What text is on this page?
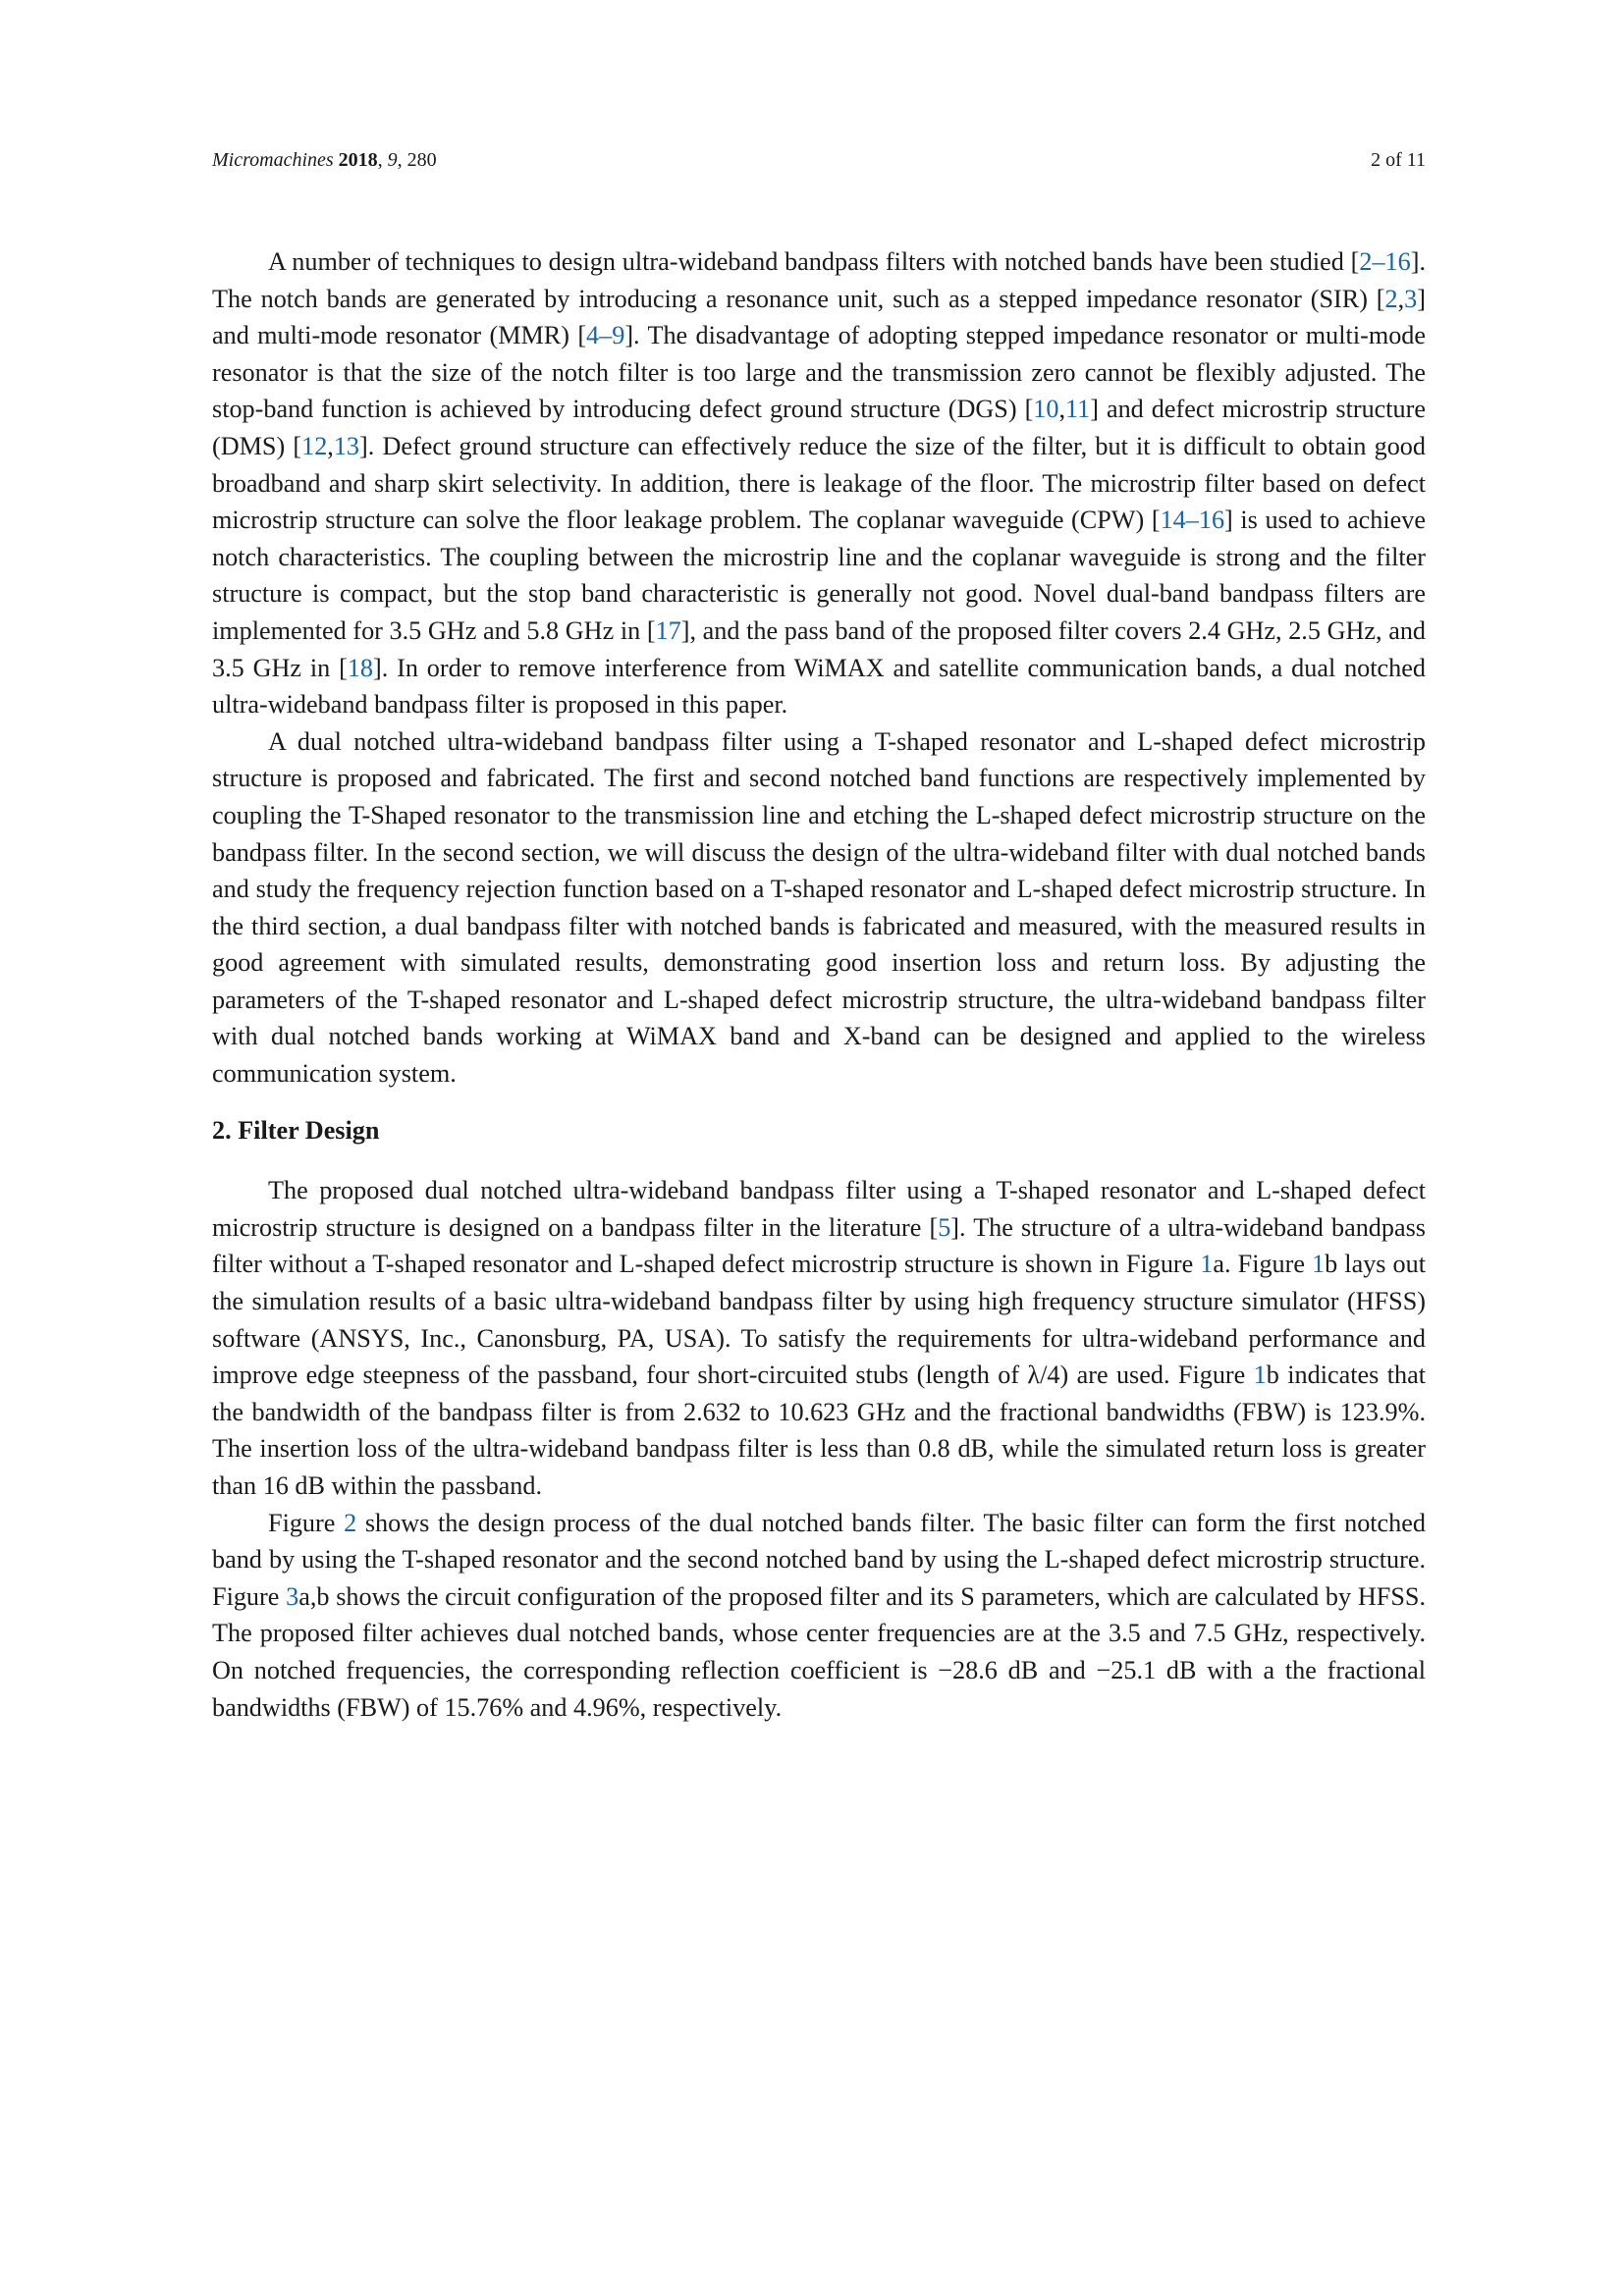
Micromachines 2018, 9, 280	2 of 11

A number of techniques to design ultra-wideband bandpass filters with notched bands have been studied [2–16]. The notch bands are generated by introducing a resonance unit, such as a stepped impedance resonator (SIR) [2,3] and multi-mode resonator (MMR) [4–9]. The disadvantage of adopting stepped impedance resonator or multi-mode resonator is that the size of the notch filter is too large and the transmission zero cannot be flexibly adjusted. The stop-band function is achieved by introducing defect ground structure (DGS) [10,11] and defect microstrip structure (DMS) [12,13]. Defect ground structure can effectively reduce the size of the filter, but it is difficult to obtain good broadband and sharp skirt selectivity. In addition, there is leakage of the floor. The microstrip filter based on defect microstrip structure can solve the floor leakage problem. The coplanar waveguide (CPW) [14–16] is used to achieve notch characteristics. The coupling between the microstrip line and the coplanar waveguide is strong and the filter structure is compact, but the stop band characteristic is generally not good. Novel dual-band bandpass filters are implemented for 3.5 GHz and 5.8 GHz in [17], and the pass band of the proposed filter covers 2.4 GHz, 2.5 GHz, and 3.5 GHz in [18]. In order to remove interference from WiMAX and satellite communication bands, a dual notched ultra-wideband bandpass filter is proposed in this paper.

A dual notched ultra-wideband bandpass filter using a T-shaped resonator and L-shaped defect microstrip structure is proposed and fabricated. The first and second notched band functions are respectively implemented by coupling the T-Shaped resonator to the transmission line and etching the L-shaped defect microstrip structure on the bandpass filter. In the second section, we will discuss the design of the ultra-wideband filter with dual notched bands and study the frequency rejection function based on a T-shaped resonator and L-shaped defect microstrip structure. In the third section, a dual bandpass filter with notched bands is fabricated and measured, with the measured results in good agreement with simulated results, demonstrating good insertion loss and return loss. By adjusting the parameters of the T-shaped resonator and L-shaped defect microstrip structure, the ultra-wideband bandpass filter with dual notched bands working at WiMAX band and X-band can be designed and applied to the wireless communication system.

2. Filter Design

The proposed dual notched ultra-wideband bandpass filter using a T-shaped resonator and L-shaped defect microstrip structure is designed on a bandpass filter in the literature [5]. The structure of a ultra-wideband bandpass filter without a T-shaped resonator and L-shaped defect microstrip structure is shown in Figure 1a. Figure 1b lays out the simulation results of a basic ultra-wideband bandpass filter by using high frequency structure simulator (HFSS) software (ANSYS, Inc., Canonsburg, PA, USA). To satisfy the requirements for ultra-wideband performance and improve edge steepness of the passband, four short-circuited stubs (length of λ/4) are used. Figure 1b indicates that the bandwidth of the bandpass filter is from 2.632 to 10.623 GHz and the fractional bandwidths (FBW) is 123.9%. The insertion loss of the ultra-wideband bandpass filter is less than 0.8 dB, while the simulated return loss is greater than 16 dB within the passband.

Figure 2 shows the design process of the dual notched bands filter. The basic filter can form the first notched band by using the T-shaped resonator and the second notched band by using the L-shaped defect microstrip structure. Figure 3a,b shows the circuit configuration of the proposed filter and its S parameters, which are calculated by HFSS. The proposed filter achieves dual notched bands, whose center frequencies are at the 3.5 and 7.5 GHz, respectively. On notched frequencies, the corresponding reflection coefficient is −28.6 dB and −25.1 dB with a the fractional bandwidths (FBW) of 15.76% and 4.96%, respectively.
